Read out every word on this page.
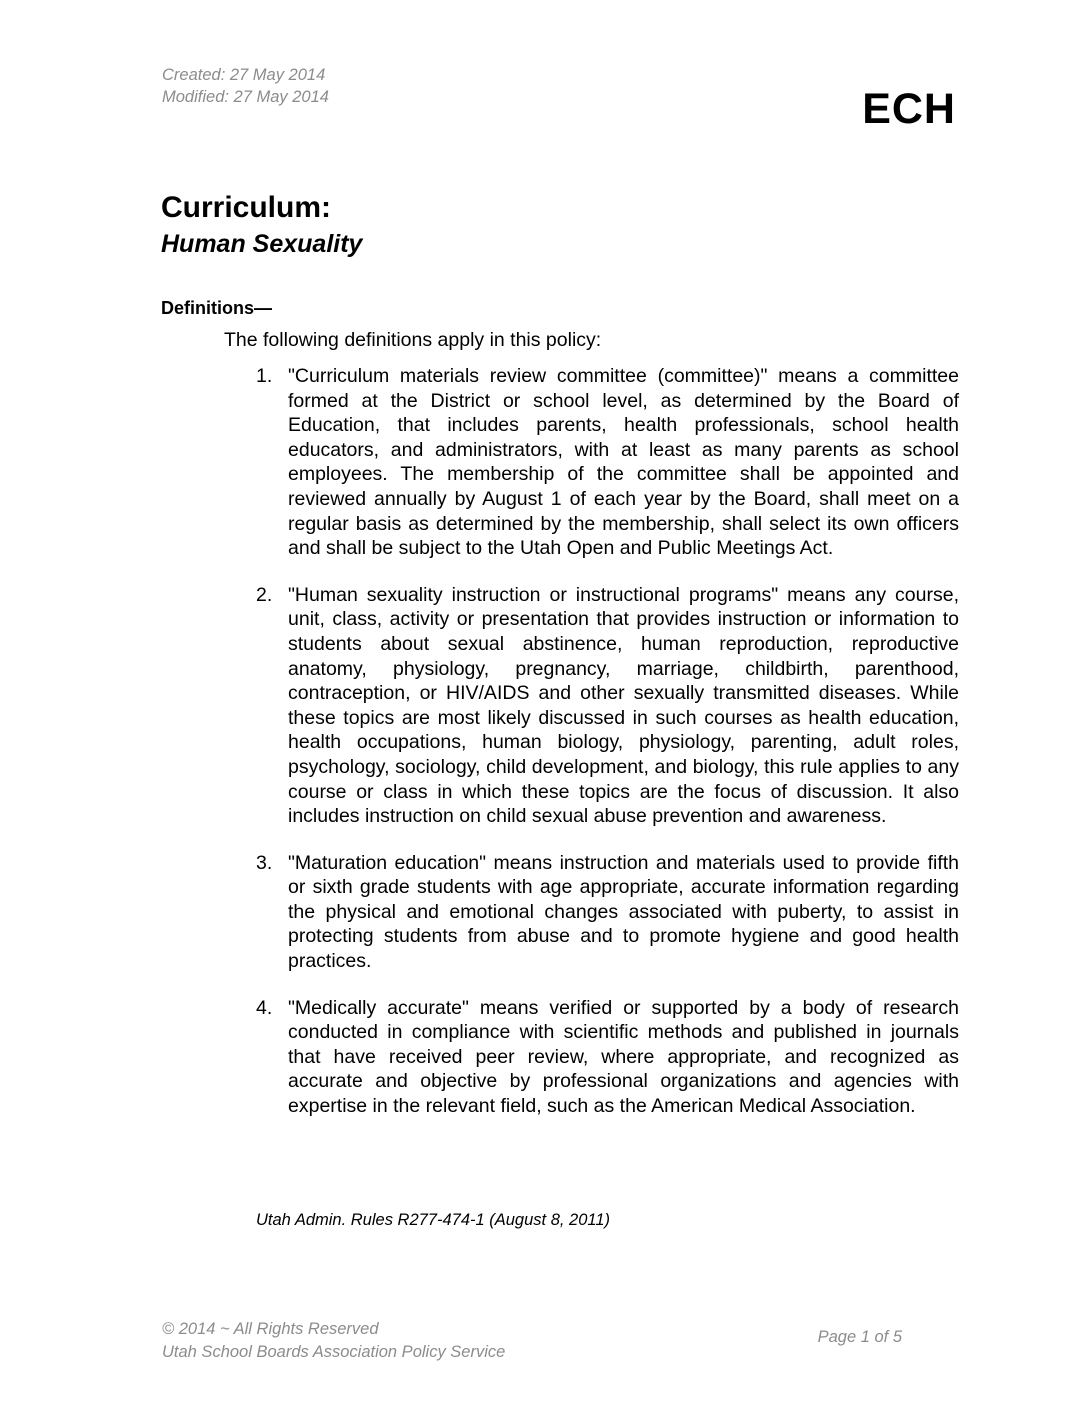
Created: 27 May 2014
Modified: 27 May 2014	ECH
Curriculum:
Human Sexuality
Definitions—
The following definitions apply in this policy:
1. "Curriculum materials review committee (committee)" means a committee formed at the District or school level, as determined by the Board of Education, that includes parents, health professionals, school health educators, and administrators, with at least as many parents as school employees. The membership of the committee shall be appointed and reviewed annually by August 1 of each year by the Board, shall meet on a regular basis as determined by the membership, shall select its own officers and shall be subject to the Utah Open and Public Meetings Act.
2. "Human sexuality instruction or instructional programs" means any course, unit, class, activity or presentation that provides instruction or information to students about sexual abstinence, human reproduction, reproductive anatomy, physiology, pregnancy, marriage, childbirth, parenthood, contraception, or HIV/AIDS and other sexually transmitted diseases. While these topics are most likely discussed in such courses as health education, health occupations, human biology, physiology, parenting, adult roles, psychology, sociology, child development, and biology, this rule applies to any course or class in which these topics are the focus of discussion. It also includes instruction on child sexual abuse prevention and awareness.
3. "Maturation education" means instruction and materials used to provide fifth or sixth grade students with age appropriate, accurate information regarding the physical and emotional changes associated with puberty, to assist in protecting students from abuse and to promote hygiene and good health practices.
4. "Medically accurate" means verified or supported by a body of research conducted in compliance with scientific methods and published in journals that have received peer review, where appropriate, and recognized as accurate and objective by professional organizations and agencies with expertise in the relevant field, such as the American Medical Association.
Utah Admin. Rules R277-474-1 (August 8, 2011)
© 2014 ~ All Rights Reserved
Utah School Boards Association Policy Service
Page 1 of 5
